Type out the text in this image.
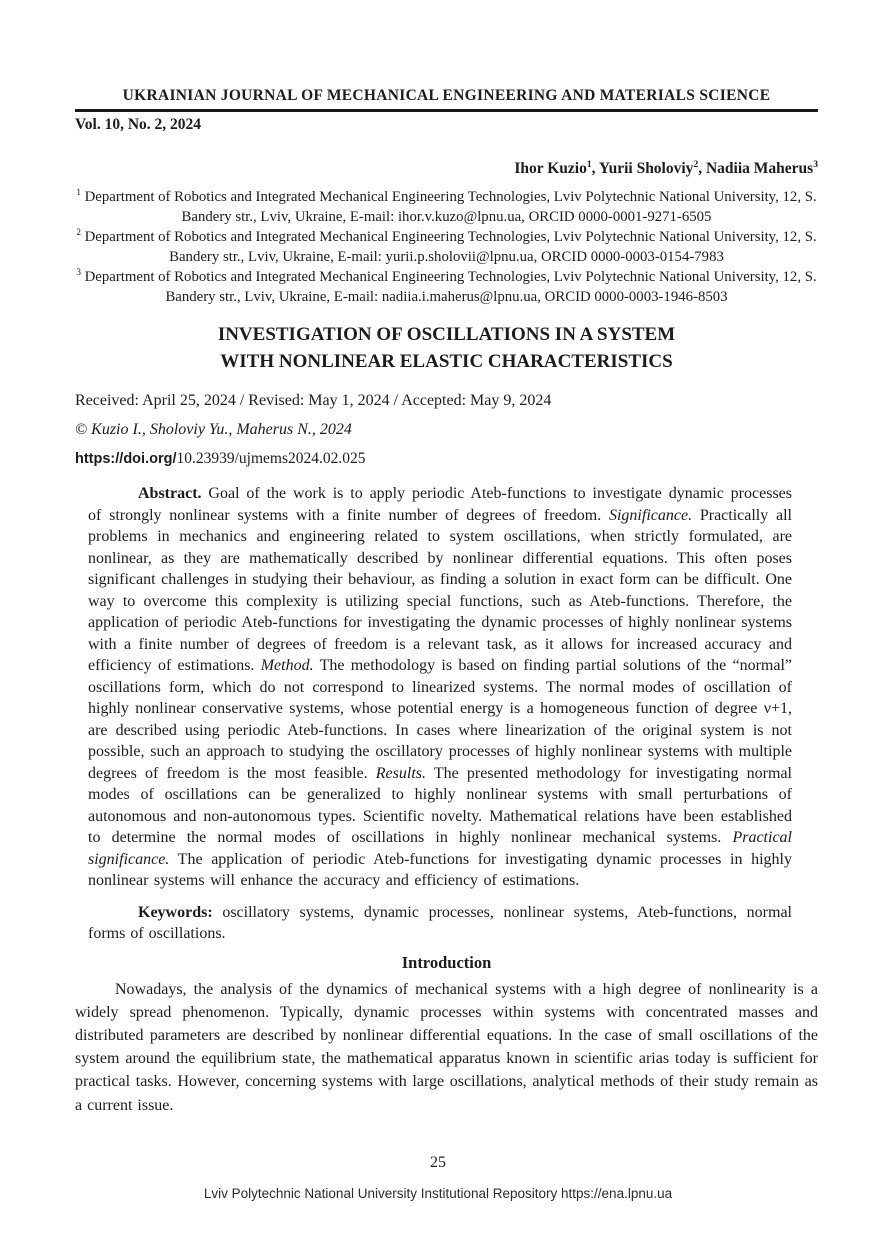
UKRAINIAN JOURNAL OF MECHANICAL ENGINEERING AND MATERIALS SCIENCE
Vol. 10, No. 2, 2024
Ihor Kuzio$^1$, Yurii Sholoviy$^2$, Nadiia Maherus$^3$
$^1$ Department of Robotics and Integrated Mechanical Engineering Technologies, Lviv Polytechnic National University, 12, S. Bandery str., Lviv, Ukraine, E-mail: ihor.v.kuzo@lpnu.ua, ORCID 0000-0001-9271-6505
$^2$ Department of Robotics and Integrated Mechanical Engineering Technologies, Lviv Polytechnic National University, 12, S. Bandery str., Lviv, Ukraine, E-mail: yurii.p.sholovii@lpnu.ua, ORCID 0000-0003-0154-7983
$^3$ Department of Robotics and Integrated Mechanical Engineering Technologies, Lviv Polytechnic National University, 12, S. Bandery str., Lviv, Ukraine, E-mail: nadiia.i.maherus@lpnu.ua, ORCID 0000-0003-1946-8503
INVESTIGATION OF OSCILLATIONS IN A SYSTEM
WITH NONLINEAR ELASTIC CHARACTERISTICS

Received: April 25, 2024 / Revised: May 1, 2024 / Accepted: May 9, 2024

© Kuzio I., Sholoviy Yu., Maherus N., 2024

https://doi.org/10.23939/ujmems2024.02.025

Abstract. Goal of the work is to apply periodic Ateb-functions to investigate dynamic processes of strongly nonlinear systems with a finite number of degrees of freedom. Significance. Practically all problems in mechanics and engineering related to system oscillations, when strictly formulated, are nonlinear, as they are mathematically described by nonlinear differential equations. This often poses significant challenges in studying their behaviour, as finding a solution in exact form can be difficult. One way to overcome this complexity is utilizing special functions, such as Ateb-functions. Therefore, the application of periodic Ateb-functions for investigating the dynamic processes of highly nonlinear systems with a finite number of degrees of freedom is a relevant task, as it allows for increased accuracy and efficiency of estimations. Method. The methodology is based on finding partial solutions of the “normal” oscillations form, which do not correspond to linearized systems. The normal modes of oscillation of highly nonlinear conservative systems, whose potential energy is a homogeneous function of degree ν+1, are described using periodic Ateb-functions. In cases where linearization of the original system is not possible, such an approach to studying the oscillatory processes of highly nonlinear systems with multiple degrees of freedom is the most feasible. Results. The presented methodology for investigating normal modes of oscillations can be generalized to highly nonlinear systems with small perturbations of autonomous and non-autonomous types. Scientific novelty. Mathematical relations have been established to determine the normal modes of oscillations in highly nonlinear mechanical systems. Practical significance. The application of periodic Ateb-functions for investigating dynamic processes in highly nonlinear systems will enhance the accuracy and efficiency of estimations.

Keywords: oscillatory systems, dynamic processes, nonlinear systems, Ateb-functions, normal forms of oscillations.

Introduction

Nowadays, the analysis of the dynamics of mechanical systems with a high degree of nonlinearity is a widely spread phenomenon. Typically, dynamic processes within systems with concentrated masses and distributed parameters are described by nonlinear differential equations. In the case of small oscillations of the system around the equilibrium state, the mathematical apparatus known in scientific arias today is sufficient for practical tasks. However, concerning systems with large oscillations, analytical methods of their study remain as a current issue.

25
Lviv Polytechnic National University Institutional Repository https://ena.lpnu.ua
